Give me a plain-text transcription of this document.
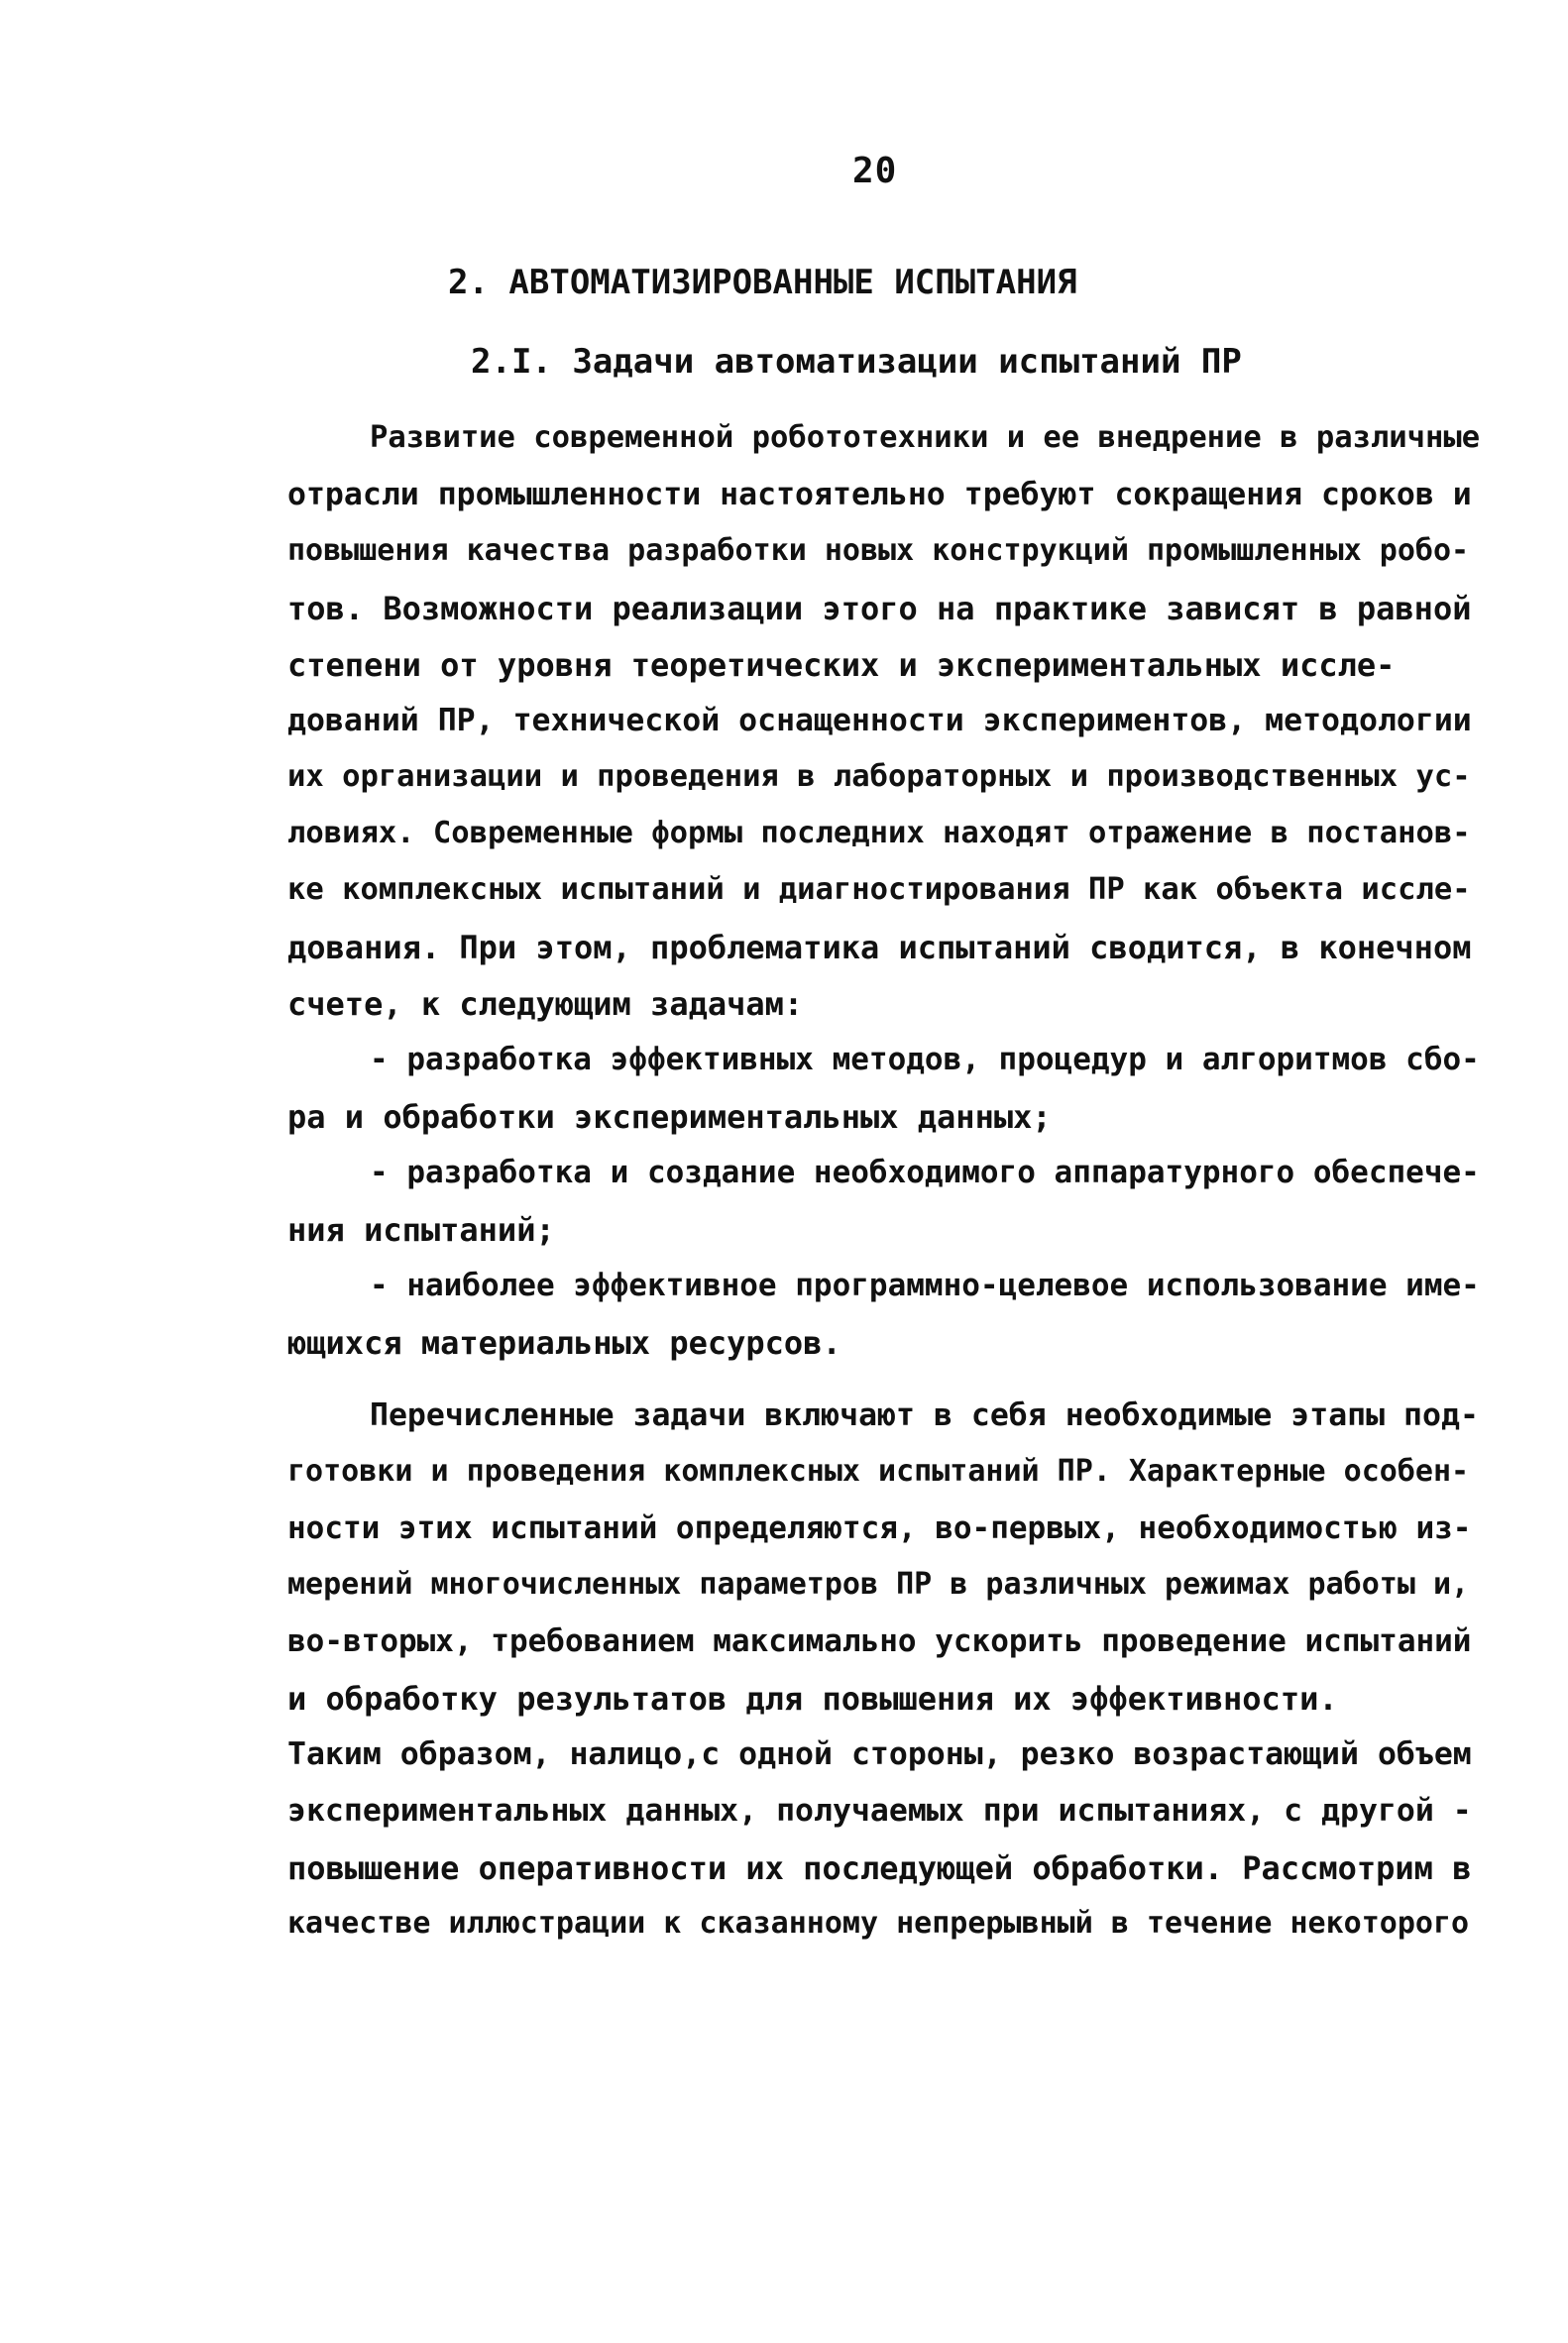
20
2. АВТОМАТИЗИРОВАННЫЕ ИСПЫТАНИЯ
2.I. Задачи автоматизации испытаний ПР
Развитие современной робототехники и ее внедрение в различные
отрасли промышленности настоятельно требуют сокращения сроков и
повышения качества разработки новых конструкций промышленных робо-
тов. Возможности реализации этого на практике зависят в равной
степени от уровня теоретических и экспериментальных иссле-
дований ПР, технической оснащенности экспериментов, методологии
их организации и проведения в лабораторных и производственных ус-
ловиях. Современные формы последних находят отражение в постанов-
ке комплексных испытаний и диагностирования ПР как объекта иссле-
дования. При этом, проблематика испытаний сводится, в конечном
счете, к следующим задачам:
- разработка эффективных методов, процедур и алгоритмов сбо-
ра и обработки экспериментальных данных;
- разработка и создание необходимого аппаратурного обеспече-
ния испытаний;
- наиболее эффективное программно-целевое использование име-
ющихся материальных ресурсов.
Перечисленные задачи включают в себя необходимые этапы под-
готовки и проведения комплексных испытаний ПР. Характерные особен-
ности этих испытаний определяются, во-первых, необходимостью из-
мерений многочисленных параметров ПР в различных режимах работы и,
во-вторых, требованием максимально ускорить проведение испытаний
и обработку результатов для повышения их эффективности.
Таким образом, налицо,с одной стороны, резко возрастающий объем
экспериментальных данных, получаемых при испытаниях, с другой -
повышение оперативности их последующей обработки. Рассмотрим в
качестве иллюстрации к сказанному непрерывный в течение некоторого
